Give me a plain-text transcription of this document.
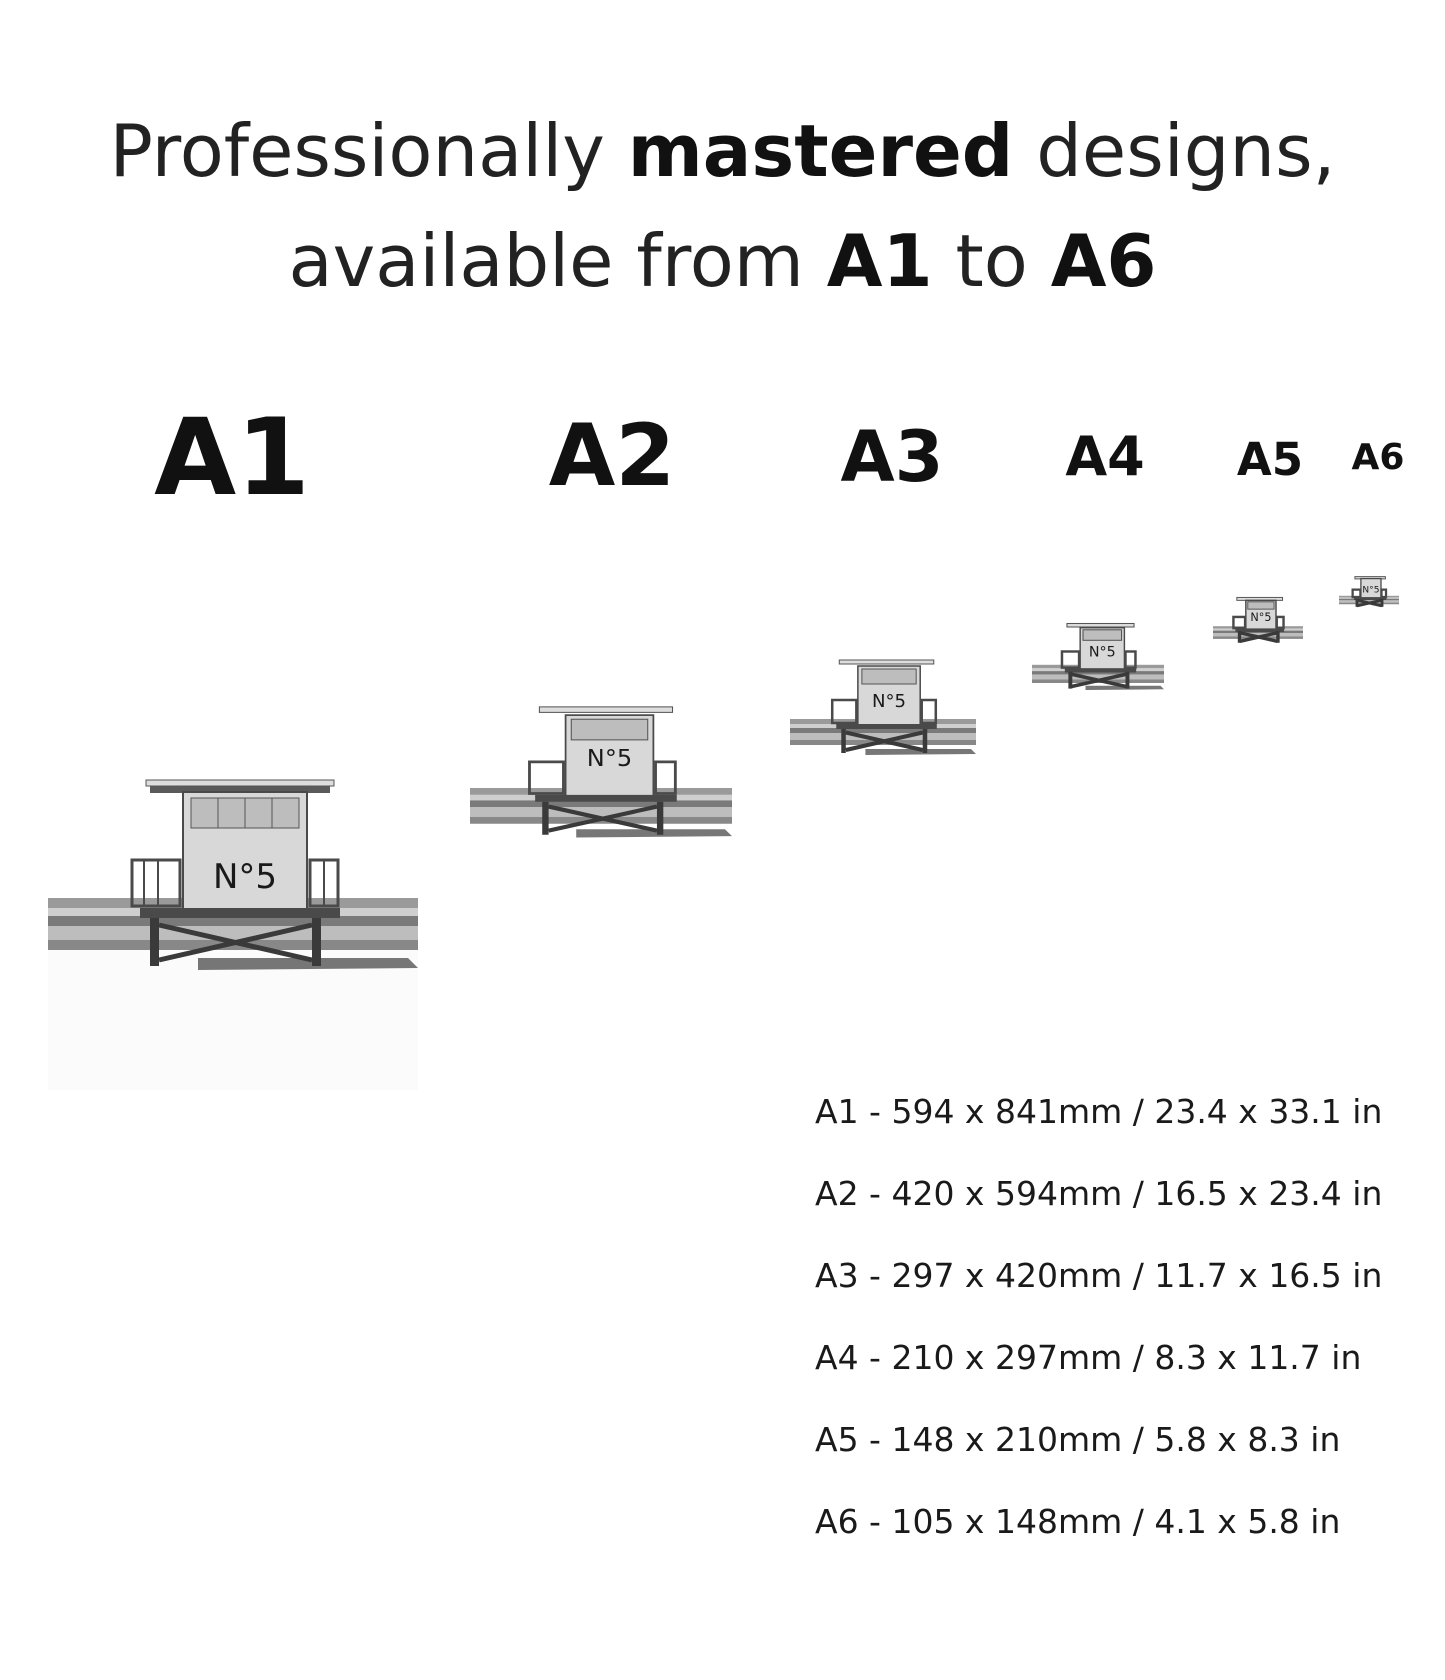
Professionally mastered designs,
available from A1 to A6
A1	A2 A3 A4 A5 A6
N°5
N°5
N°5
N°5
N°5
N°5
A1 - 594 x 841mm / 23.4 x 33.1 in
A2 - 420 x 594mm / 16.5 x 23.4 in
A3 - 297 x 420mm / 11.7 x 16.5 in
A4 - 210 x 297mm / 8.3 x 11.7 in
A5 - 148 x 210mm / 5.8 x 8.3 in
A6 - 105 x 148mm / 4.1 x 5.8 in
